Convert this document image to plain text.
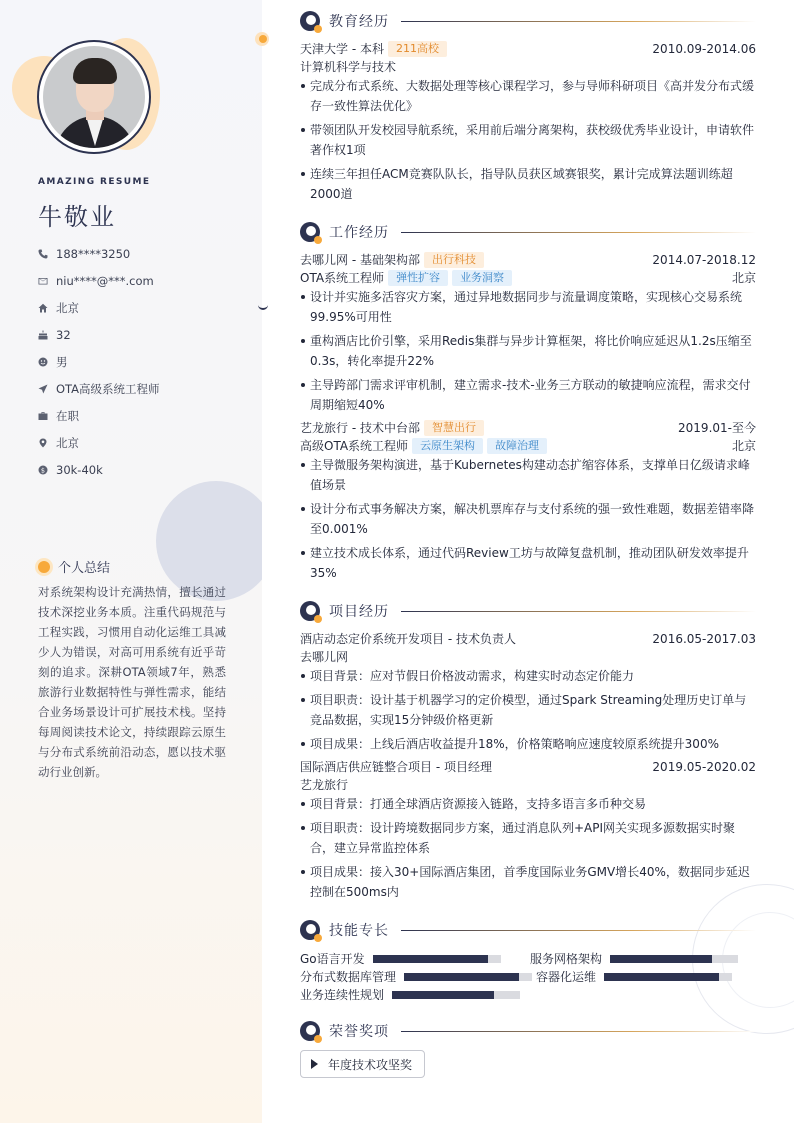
AMAZING RESUME
牛敬业
188****3250
niu****@***.com
北京
32
男
OTA高级系统工程师
在职
北京
$ 30k-40k
个人总结
对系统架构设计充满热情，擅长通过技术深挖业务本质。注重代码规范与工程实践，习惯用自动化运维工具减少人为错误，对高可用系统有近乎苛刻的追求。深耕OTA领域7年，熟悉旅游行业数据特性与弹性需求，能结合业务场景设计可扩展技术栈。坚持每周阅读技术论文，持续跟踪云原生与分布式系统前沿动态，愿以技术驱动行业创新。
教育经历
天津大学 - 本科	211高校	2010.09-2014.06
计算机科学与技术
完成分布式系统、大数据处理等核心课程学习，参与导师科研项目《高并发分布式缓存一致性算法优化》
带领团队开发校园导航系统，采用前后端分离架构，获校级优秀毕业设计，申请软件著作权1项
连续三年担任ACM竞赛队队长，指导队员获区域赛银奖，累计完成算法题训练超2000道
工作经历
去哪儿网 - 基础架构部	出行科技	2014.07-2018.12
OTA系统工程师	弹性扩容	业务洞察	北京
设计并实施多活容灾方案，通过异地数据同步与流量调度策略，实现核心交易系统99.95%可用性
重构酒店比价引擎，采用Redis集群与异步计算框架，将比价响应延迟从1.2s压缩至0.3s，转化率提升22%
主导跨部门需求评审机制，建立需求-技术-业务三方联动的敏捷响应流程，需求交付周期缩短40%
艺龙旅行 - 技术中台部	智慧出行	2019.01-至今
高级OTA系统工程师	云原生架构	故障治理	北京
主导微服务架构演进，基于Kubernetes构建动态扩缩容体系，支撑单日亿级请求峰值场景
设计分布式事务解决方案，解决机票库存与支付系统的强一致性难题，数据差错率降至0.001%
建立技术成长体系，通过代码Review工坊与故障复盘机制，推动团队研发效率提升35%
项目经历
酒店动态定价系统开发项目 - 技术负责人	2016.05-2017.03
去哪儿网
项目背景：应对节假日价格波动需求，构建实时动态定价能力
项目职责：设计基于机器学习的定价模型，通过Spark Streaming处理历史订单与竞品数据，实现15分钟级价格更新
项目成果：上线后酒店收益提升18%，价格策略响应速度较原系统提升300%
国际酒店供应链整合项目 - 项目经理	2019.05-2020.02
艺龙旅行
项目背景：打通全球酒店资源接入链路，支持多语言多币种交易
项目职责：设计跨境数据同步方案，通过消息队列+API网关实现多源数据实时聚合，建立异常监控体系
项目成果：接入30+国际酒店集团，首季度国际业务GMV增长40%，数据同步延迟控制在500ms内
技能专长
Go语言开发	服务网格架构
分布式数据库管理	容器化运维
业务连续性规划
荣誉奖项
年度技术攻坚奖
